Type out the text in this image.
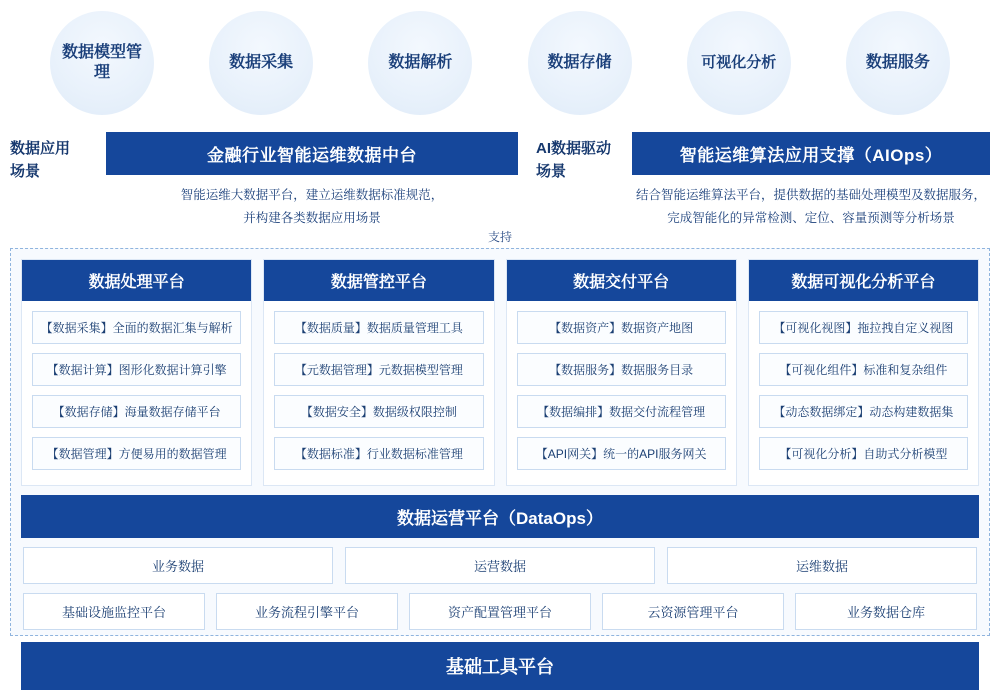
数据模型管理
数据采集	数据解析	数据存储	可视化分析	数据服务
数据应用
场景
金融行业智能运维数据中台
智能运维大数据平台，建立运维数据标准规范，
并构建各类数据应用场景
AI数据驱动
场景
智能运维算法应用支撑（AIOps）
结合智能运维算法平台，提供数据的基础处理模型及数据服务，
完成智能化的异常检测、定位、容量预测等分析场景
支持
数据处理平台
【数据采集】全面的数据汇集与解析
【数据计算】图形化数据计算引擎
【数据存储】海量数据存储平台
【数据管理】方便易用的数据管理
数据管控平台
【数据质量】数据质量管理工具
【元数据管理】元数据模型管理
【数据安全】数据级权限控制
【数据标准】行业数据标准管理
数据交付平台
【数据资产】数据资产地图
【数据服务】数据服务目录
【数据编排】数据交付流程管理
【API网关】统一的API服务网关
数据可视化分析平台
【可视化视图】拖拉拽自定义视图
【可视化组件】标准和复杂组件
【动态数据绑定】动态构建数据集
【可视化分析】自助式分析模型
数据运营平台（DataOps）
业务数据	运营数据	运维数据
基础设施监控平台	业务流程引擎平台	资产配置管理平台	云资源管理平台	业务数据仓库
基础工具平台
